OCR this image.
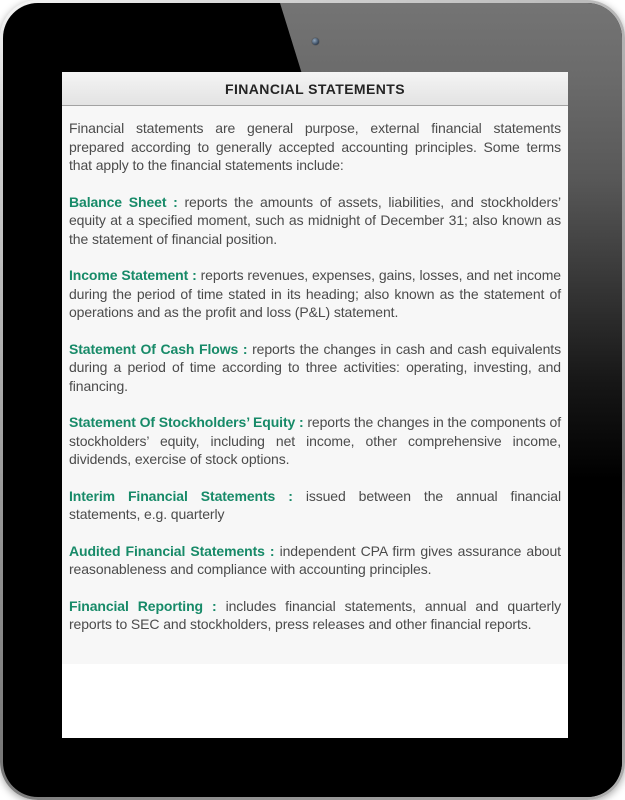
FINANCIAL STATEMENTS

Financial statements are general purpose, external financial statements prepared according to generally accepted accounting principles. Some terms that apply to the financial statements include:

Balance Sheet : reports the amounts of assets, liabilities, and stockholders’ equity at a specified moment, such as midnight of December 31; also known as the statement of financial position.

Income Statement : reports revenues, expenses, gains, losses, and net income during the period of time stated in its heading; also known as the statement of operations and as the profit and loss (P&L) statement.

Statement Of Cash Flows : reports the changes in cash and cash equivalents during a period of time according to three activities: operating, investing, and financing.

Statement Of Stockholders’ Equity : reports the changes in the components of stockholders’ equity, including net income, other comprehensive income, dividends, exercise of stock options.

Interim Financial Statements : issued between the annual financial statements, e.g. quarterly

Audited Financial Statements : independent CPA firm gives assurance about reasonableness and compliance with accounting principles.

Financial Reporting : includes financial statements, annual and quarterly reports to SEC and stockholders, press releases and other financial reports.
